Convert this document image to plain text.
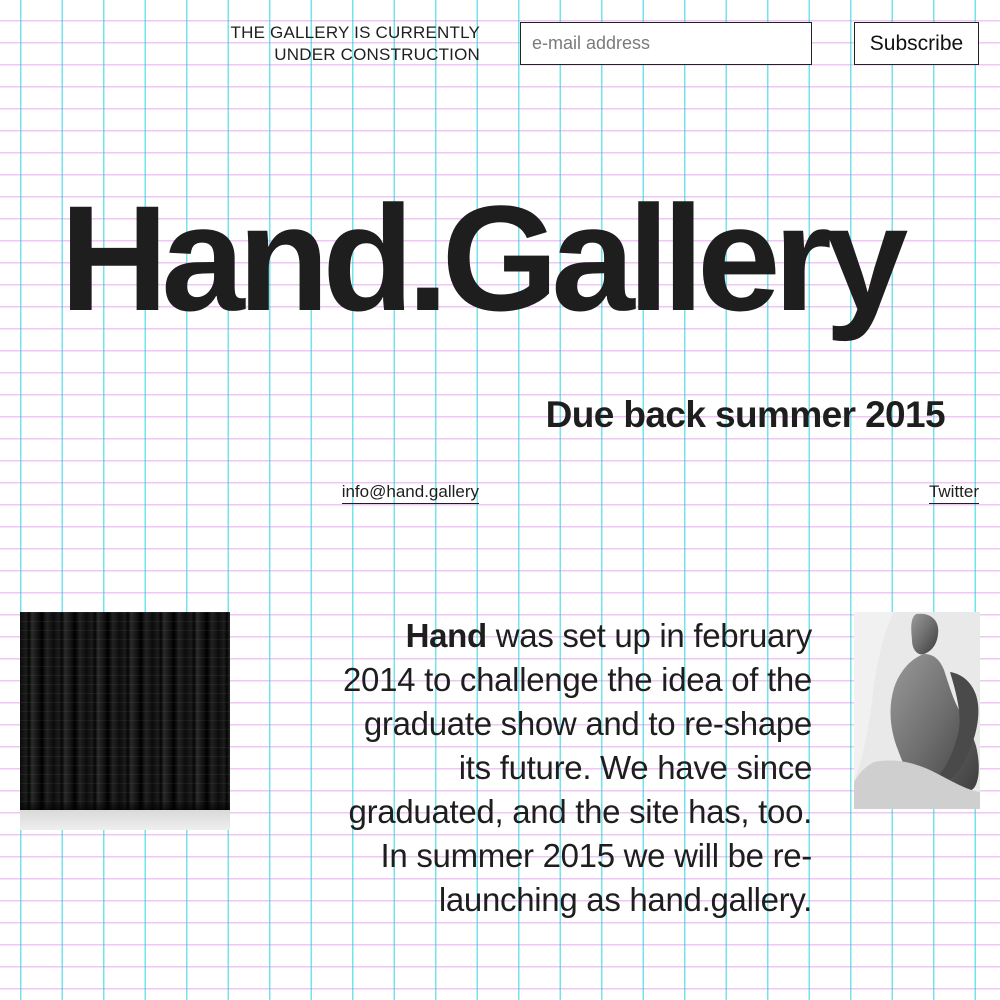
THE GALLERY IS CURRENTLY
UNDER CONSTRUCTION
e-mail address	Subscribe
Hand.Gallery
Due back summer 2015
info@hand.gallery	Twitter

Hand was set up in february 2014 to challenge the idea of the graduate show and to re-shape its future. We have since graduated, and the site has, too. In summer 2015 we will be re-launching as hand.gallery.
